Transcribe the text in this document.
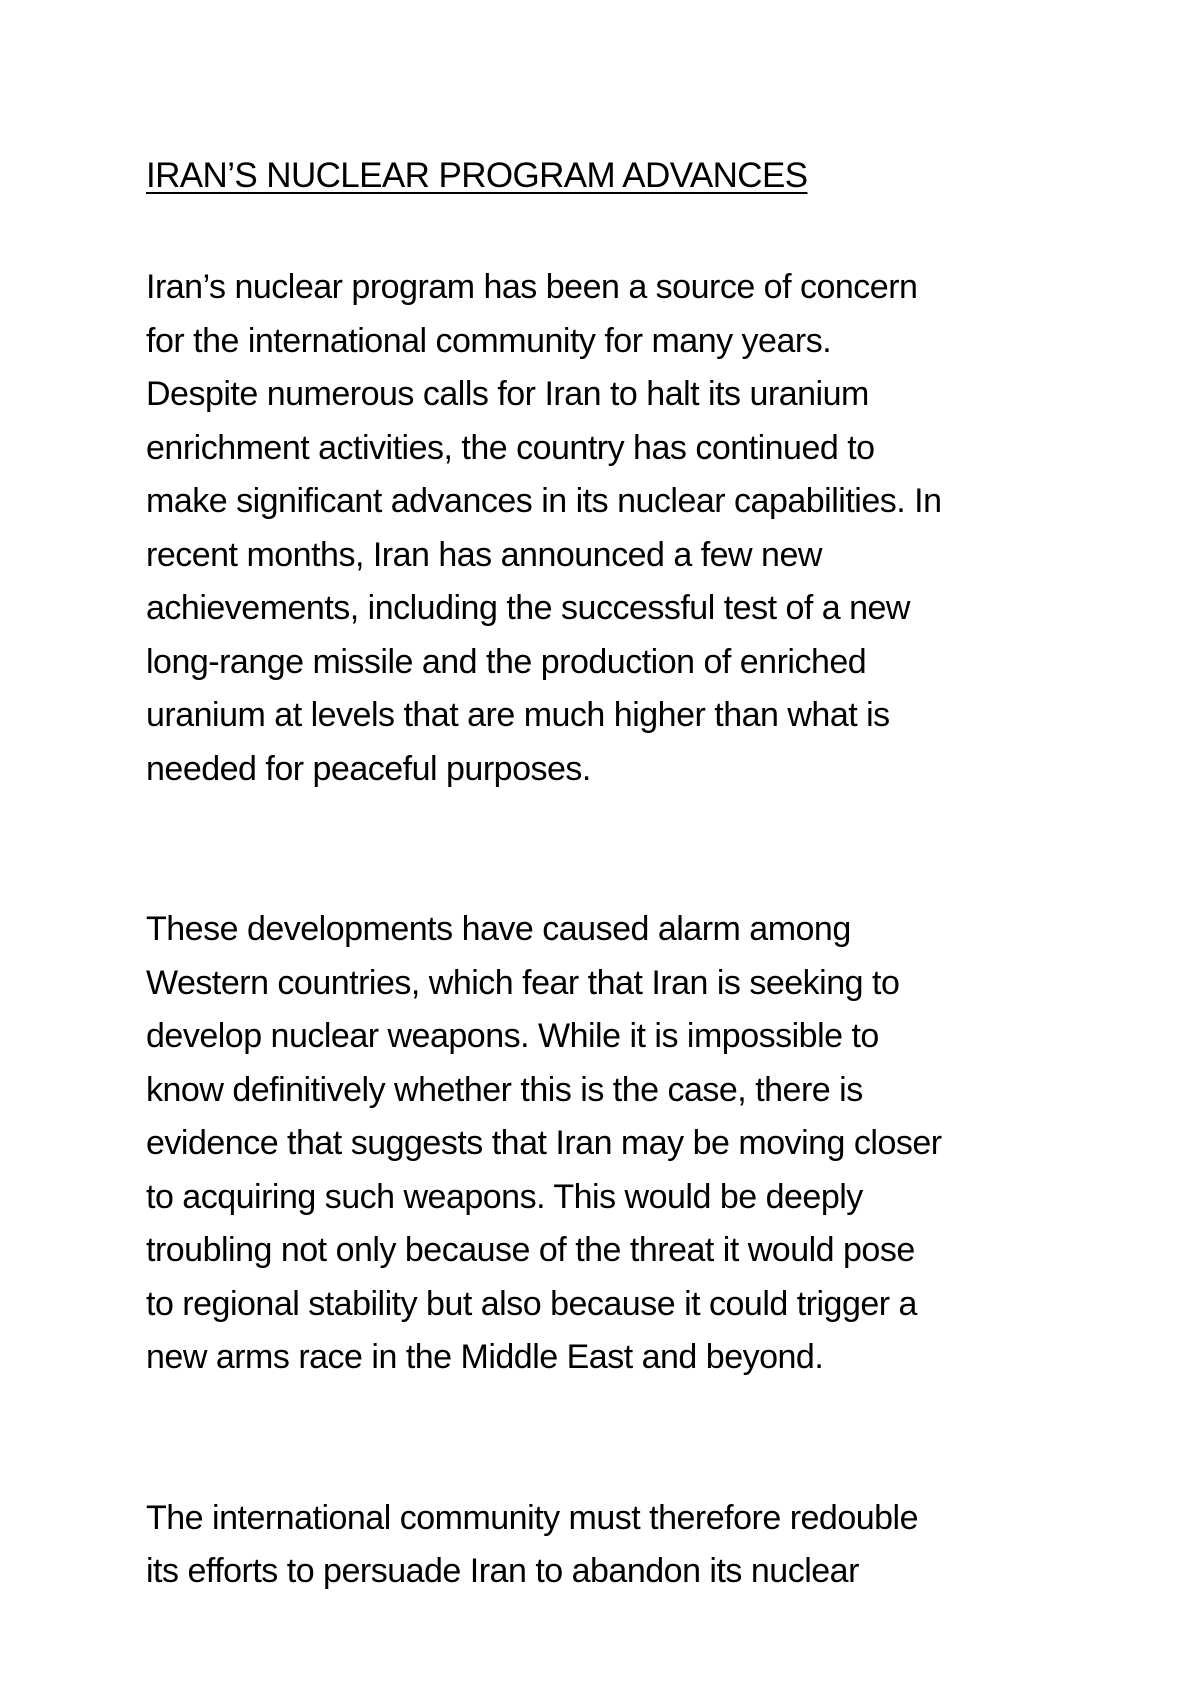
IRAN’S NUCLEAR PROGRAM ADVANCES

Iran’s nuclear program has been a source of concern
for the international community for many years.
Despite numerous calls for Iran to halt its uranium
enrichment activities, the country has continued to
make significant advances in its nuclear capabilities. In
recent months, Iran has announced a few new
achievements, including the successful test of a new
long-range missile and the production of enriched
uranium at levels that are much higher than what is
needed for peaceful purposes.

These developments have caused alarm among
Western countries, which fear that Iran is seeking to
develop nuclear weapons. While it is impossible to
know definitively whether this is the case, there is
evidence that suggests that Iran may be moving closer
to acquiring such weapons. This would be deeply
troubling not only because of the threat it would pose
to regional stability but also because it could trigger a
new arms race in the Middle East and beyond.

The international community must therefore redouble
its efforts to persuade Iran to abandon its nuclear
